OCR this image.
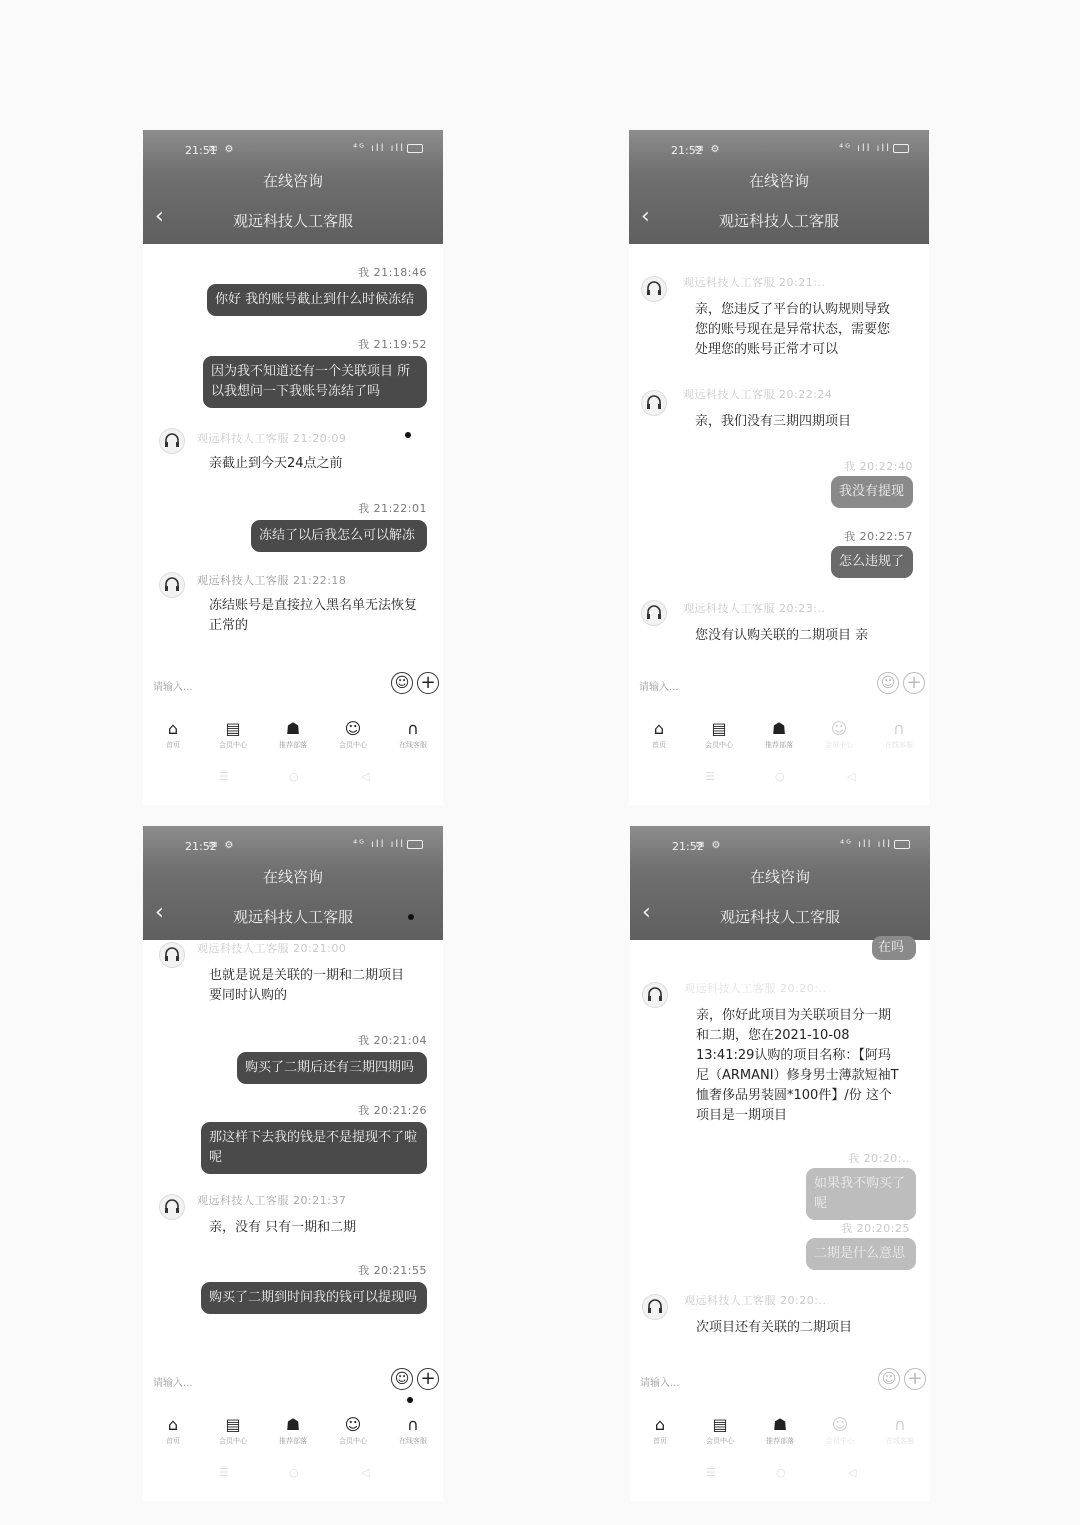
21:51
✉ ⚙	⁴ᴳ ıll ıll
在线咨询
‹	观远科技人工客服
我 21:18:46
你好 我的账号截止到什么时候冻结
我 21:19:52
因为我不知道还有一个关联项目 所以我想问一下我账号冻结了吗
观远科技人工客服 21:20:09
亲截止到今天24点之前
我 21:22:01
冻结了以后我怎么可以解冻
观远科技人工客服 21:22:18
冻结账号是直接拉入黑名单无法恢复正常的
请输入...	☺ +
⌂
首页
▤
会员中心
☗
推荐部落
☺
会员中心
∩
在线客服
☰	○	◁
21:52
✉ ⚙	⁴ᴳ ıll ıll
在线咨询
‹	观远科技人工客服
观远科技人工客服 20:21:..
亲，您违反了平台的认购规则导致您的账号现在是异常状态，需要您处理您的账号正常才可以
观远科技人工客服 20:22:24
亲，我们没有三期四期项目
我 20:22:40
我没有提现
我 20:22:57
怎么违规了
观远科技人工客服 20:23:..
您没有认购关联的二期项目 亲
请输入...	☺ +
⌂
首页
▤
会员中心
☗
推荐部落
☺
会员中心
∩
在线客服
☰	○	◁
21:52
✉ ⚙	⁴ᴳ ıll ıll
在线咨询
‹	观远科技人工客服
观远科技人工客服 20:21:00
也就是说是关联的一期和二期项目要同时认购的
我 20:21:04
购买了二期后还有三期四期吗
我 20:21:26
那这样下去我的钱是不是提现不了啦呢
观远科技人工客服 20:21:37
亲，没有 只有一期和二期
我 20:21:55
购买了二期到时间我的钱可以提现吗
请输入...	☺ +
⌂
首页
▤
会员中心
☗
推荐部落
☺
会员中心
∩
在线客服
☰	○	◁
21:52
✉ ⚙	⁴ᴳ ıll ıll
在线咨询
‹	观远科技人工客服
在吗
观远科技人工客服 20:20:..
亲，你好此项目为关联项目分一期和二期，您在2021-10-08 13:41:29认购的项目名称：【阿玛尼（ARMANI）修身男士薄款短袖T恤奢侈品男装圆*100件】/份 这个项目是一期项目
我 20:20:..
如果我不购买了呢
我 20:20:25
二期是什么意思
观远科技人工客服 20:20:..
次项目还有关联的二期项目
请输入...	☺ +
⌂
首页
▤
会员中心
☗
推荐部落
☺
会员中心
∩
在线客服
☰	○	◁
